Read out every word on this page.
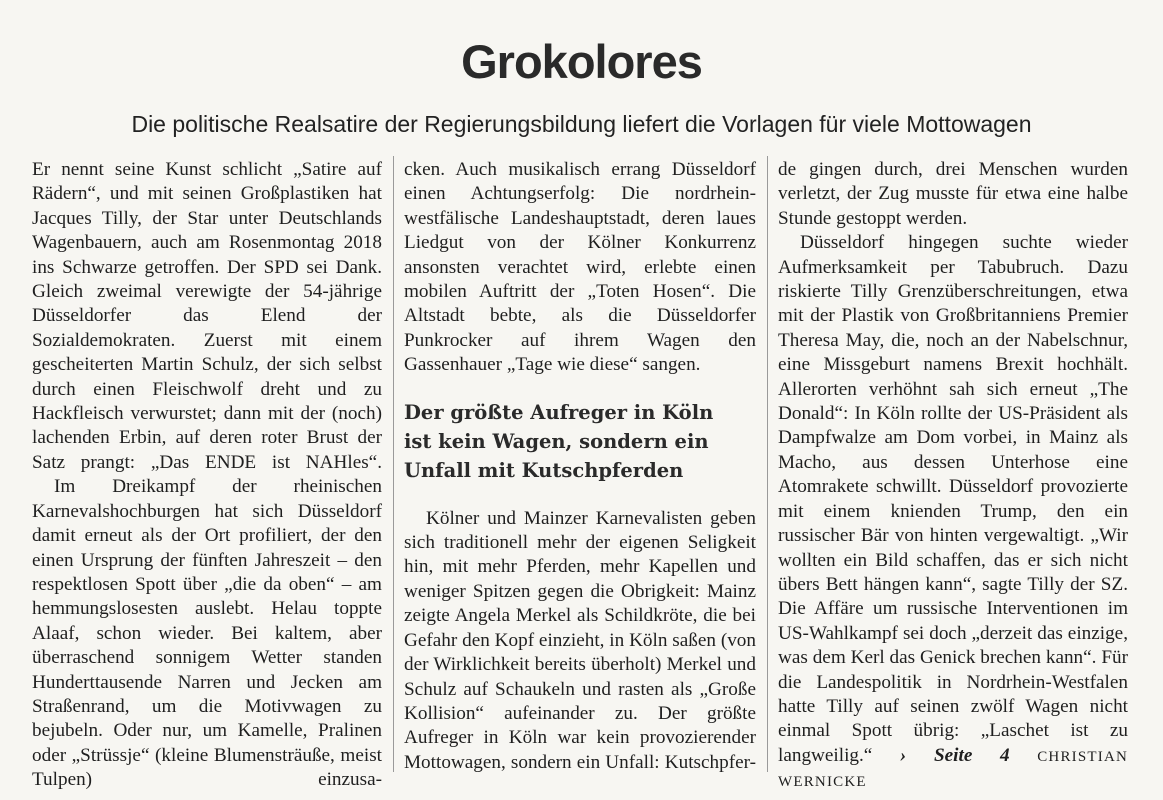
Grokolores
Die politische Realsatire der Regierungsbildung liefert die Vorlagen für viele Mottowagen

Er nennt seine Kunst schlicht „Satire auf Rädern“, und mit seinen Großplastiken hat Jacques Tilly, der Star unter Deutschlands Wagenbauern, auch am Rosenmontag 2018 ins Schwarze getroffen. Der SPD sei Dank. Gleich zweimal verewigte der 54-jährige Düsseldorfer das Elend der Sozialdemokraten. Zuerst mit einem gescheiterten Martin Schulz, der sich selbst durch einen Fleischwolf dreht und zu Hackfleisch verwurstet; dann mit der (noch) lachenden Erbin, auf deren roter Brust der Satz prangt: „Das ENDE ist NAHles“.

Im Dreikampf der rheinischen Karnevalshochburgen hat sich Düsseldorf damit erneut als der Ort profiliert, der den einen Ursprung der fünften Jahreszeit – den respektlosen Spott über „die da oben“ – am hemmungslosesten auslebt. Helau toppte Alaaf, schon wieder. Bei kaltem, aber überraschend sonnigem Wetter standen Hunderttausende Narren und Jecken am Straßenrand, um die Motivwagen zu bejubeln. Oder nur, um Kamelle, Pralinen oder „Strüssje“ (kleine Blumensträuße, meist Tulpen) einzusa-

cken. Auch musikalisch errang Düsseldorf einen Achtungserfolg: Die nordrhein-westfälische Landeshauptstadt, deren laues Liedgut von der Kölner Konkurrenz ansonsten verachtet wird, erlebte einen mobilen Auftritt der „Toten Hosen“. Die Altstadt bebte, als die Düsseldorfer Punkrocker auf ihrem Wagen den Gassenhauer „Tage wie diese“ sangen.

Der größte Aufreger in Köln
ist kein Wagen, sondern ein
Unfall mit Kutschpferden

Kölner und Mainzer Karnevalisten geben sich traditionell mehr der eigenen Seligkeit hin, mit mehr Pferden, mehr Kapellen und weniger Spitzen gegen die Obrigkeit: Mainz zeigte Angela Merkel als Schildkröte, die bei Gefahr den Kopf einzieht, in Köln saßen (von der Wirklichkeit bereits überholt) Merkel und Schulz auf Schaukeln und rasten als „Große Kollision“ aufeinander zu. Der größte Aufreger in Köln war kein provozierender Mottowagen, sondern ein Unfall: Kutschpfer-

de gingen durch, drei Menschen wurden verletzt, der Zug musste für etwa eine halbe Stunde gestoppt werden.

Düsseldorf hingegen suchte wieder Aufmerksamkeit per Tabubruch. Dazu riskierte Tilly Grenzüberschreitungen, etwa mit der Plastik von Großbritanniens Premier Theresa May, die, noch an der Nabelschnur, eine Missgeburt namens Brexit hochhält. Allerorten verhöhnt sah sich erneut „The Donald“: In Köln rollte der US-Präsident als Dampfwalze am Dom vorbei, in Mainz als Macho, aus dessen Unterhose eine Atomrakete schwillt. Düsseldorf provozierte mit einem knienden Trump, den ein russischer Bär von hinten vergewaltigt. „Wir wollten ein Bild schaffen, das er sich nicht übers Bett hängen kann“, sagte Tilly der SZ. Die Affäre um russische Interventionen im US-Wahlkampf sei doch „derzeit das einzige, was dem Kerl das Genick brechen kann“. Für die Landespolitik in Nordrhein-Westfalen hatte Tilly auf seinen zwölf Wagen nicht einmal Spott übrig: „Laschet ist zu langweilig.“ › Seite 4 CHRISTIAN WERNICKE
